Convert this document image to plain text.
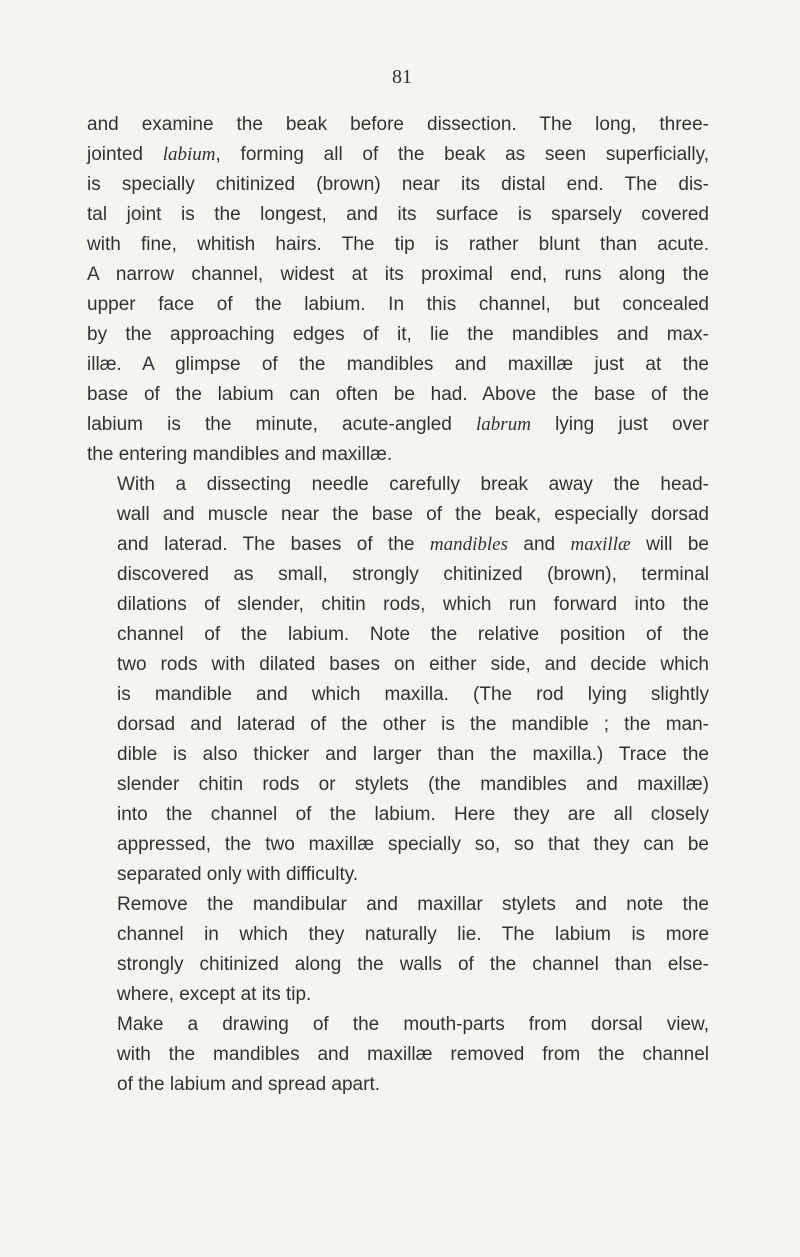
81

and examine the beak before dissection. The long, three-
jointed labium, forming all of the beak as seen superficially,
is specially chitinized (brown) near its distal end. The dis-
tal joint is the longest, and its surface is sparsely covered
with fine, whitish hairs. The tip is rather blunt than acute.
A narrow channel, widest at its proximal end, runs along the
upper face of the labium. In this channel, but concealed
by the approaching edges of it, lie the mandibles and max-
illæ. A glimpse of the mandibles and maxillæ just at the
base of the labium can often be had. Above the base of the
labium is the minute, acute-angled labrum lying just over
the entering mandibles and maxillæ.

With a dissecting needle carefully break away the head-
wall and muscle near the base of the beak, especially dorsad
and laterad. The bases of the mandibles and maxillæ will be
discovered as small, strongly chitinized (brown), terminal
dilations of slender, chitin rods, which run forward into the
channel of the labium. Note the relative position of the
two rods with dilated bases on either side, and decide which
is mandible and which maxilla. (The rod lying slightly
dorsad and laterad of the other is the mandible ; the man-
dible is also thicker and larger than the maxilla.) Trace the
slender chitin rods or stylets (the mandibles and maxillæ)
into the channel of the labium. Here they are all closely
appressed, the two maxillæ specially so, so that they can be
separated only with difficulty.

Remove the mandibular and maxillar stylets and note the
channel in which they naturally lie. The labium is more
strongly chitinized along the walls of the channel than else-
where, except at its tip.

Make a drawing of the mouth-parts from dorsal view,
with the mandibles and maxillæ removed from the channel
of the labium and spread apart.
